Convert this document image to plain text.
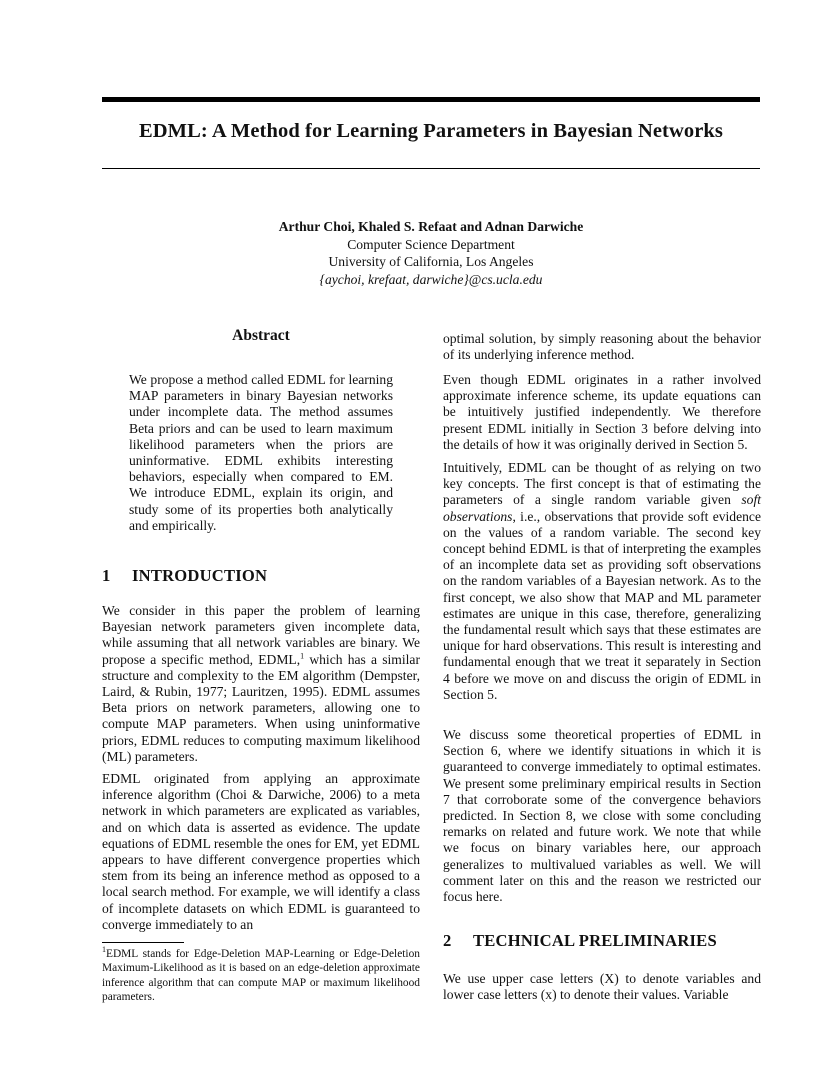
EDML: A Method for Learning Parameters in Bayesian Networks
Arthur Choi, Khaled S. Refaat and Adnan Darwiche
Computer Science Department
University of California, Los Angeles
{aychoi, krefaat, darwiche}@cs.ucla.edu
Abstract
We propose a method called EDML for learning MAP parameters in binary Bayesian networks under incomplete data. The method assumes Beta priors and can be used to learn maximum likelihood parameters when the priors are uninformative. EDML exhibits interesting behaviors, especially when compared to EM. We introduce EDML, explain its origin, and study some of its properties both analytically and empirically.
1 INTRODUCTION
We consider in this paper the problem of learning Bayesian network parameters given incomplete data, while assuming that all network variables are binary. We propose a specific method, EDML,$^1$ which has a similar structure and complexity to the EM algorithm (Dempster, Laird, & Rubin, 1977; Lauritzen, 1995). EDML assumes Beta priors on network parameters, allowing one to compute MAP parameters. When using uninformative priors, EDML reduces to computing maximum likelihood (ML) parameters.
EDML originated from applying an approximate inference algorithm (Choi & Darwiche, 2006) to a meta network in which parameters are explicated as variables, and on which data is asserted as evidence. The update equations of EDML resemble the ones for EM, yet EDML appears to have different convergence properties which stem from its being an inference method as opposed to a local search method. For example, we will identify a class of incomplete datasets on which EDML is guaranteed to converge immediately to an
$^1$EDML stands for Edge-Deletion MAP-Learning or Edge-Deletion Maximum-Likelihood as it is based on an edge-deletion approximate inference algorithm that can compute MAP or maximum likelihood parameters.
optimal solution, by simply reasoning about the behavior of its underlying inference method.
Even though EDML originates in a rather involved approximate inference scheme, its update equations can be intuitively justified independently. We therefore present EDML initially in Section 3 before delving into the details of how it was originally derived in Section 5.
Intuitively, EDML can be thought of as relying on two key concepts. The first concept is that of estimating the parameters of a single random variable given soft observations, i.e., observations that provide soft evidence on the values of a random variable. The second key concept behind EDML is that of interpreting the examples of an incomplete data set as providing soft observations on the random variables of a Bayesian network. As to the first concept, we also show that MAP and ML parameter estimates are unique in this case, therefore, generalizing the fundamental result which says that these estimates are unique for hard observations. This result is interesting and fundamental enough that we treat it separately in Section 4 before we move on and discuss the origin of EDML in Section 5.
We discuss some theoretical properties of EDML in Section 6, where we identify situations in which it is guaranteed to converge immediately to optimal estimates. We present some preliminary empirical results in Section 7 that corroborate some of the convergence behaviors predicted. In Section 8, we close with some concluding remarks on related and future work. We note that while we focus on binary variables here, our approach generalizes to multivalued variables as well. We will comment later on this and the reason we restricted our focus here.
2 TECHNICAL PRELIMINARIES
We use upper case letters (X) to denote variables and lower case letters (x) to denote their values. Variable
